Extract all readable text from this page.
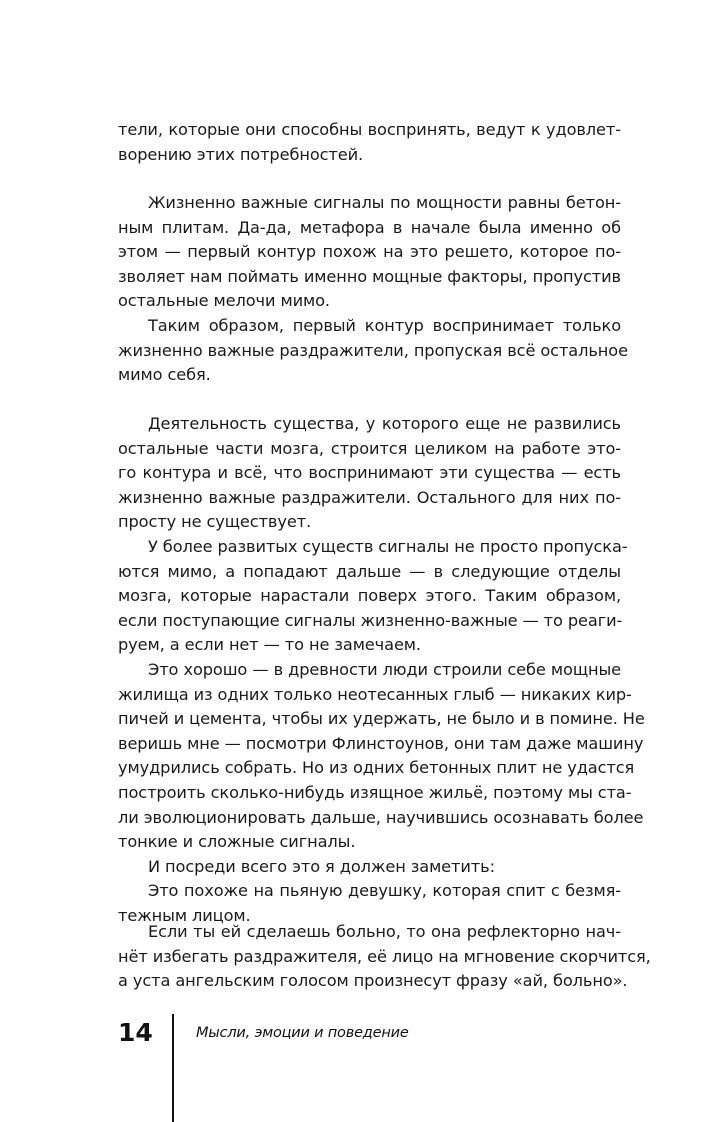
тели, которые они способны воспринять, ведут к удовлет-
ворению этих потребностей.
Жизненно важные сигналы по мощности равны бетон-
ным плитам. Да-да, метафора в начале была именно об
этом — первый контур похож на это решето, которое по-
зволяет нам поймать именно мощные факторы, пропустив
остальные мелочи мимо.
Таким образом, первый контур воспринимает только
жизненно важные раздражители, пропуская всё остальное
мимо себя.
Деятельность существа, у которого еще не развились
остальные части мозга, строится целиком на работе это-
го контура и всё, что воспринимают эти существа — есть
жизненно важные раздражители. Остального для них по-
просту не существует.
У более развитых существ сигналы не просто пропуска-
ются мимо, а попадают дальше — в следующие отделы
мозга, которые нарастали поверх этого. Таким образом,
если поступающие сигналы жизненно-важные — то реаги-
руем, а если нет — то не замечаем.
Это хорошо — в древности люди строили себе мощные
жилища из одних только неотесанных глыб — никаких кир-
пичей и цемента, чтобы их удержать, не было и в помине. Не
веришь мне — посмотри Флинстоунов, они там даже машину
умудрились собрать. Но из одних бетонных плит не удастся
построить сколько-нибудь изящное жильё, поэтому мы ста-
ли эволюционировать дальше, научившись осознавать более
тонкие и сложные сигналы.
И посреди всего это я должен заметить:
Это похоже на пьяную девушку, которая спит с безмя-
тежным лицом.
Если ты ей сделаешь больно, то она рефлекторно нач-
нёт избегать раздражителя, её лицо на мгновение скорчится,
а уста ангельским голосом произнесут фразу «ай, больно».
14	Мысли, эмоции и поведение
